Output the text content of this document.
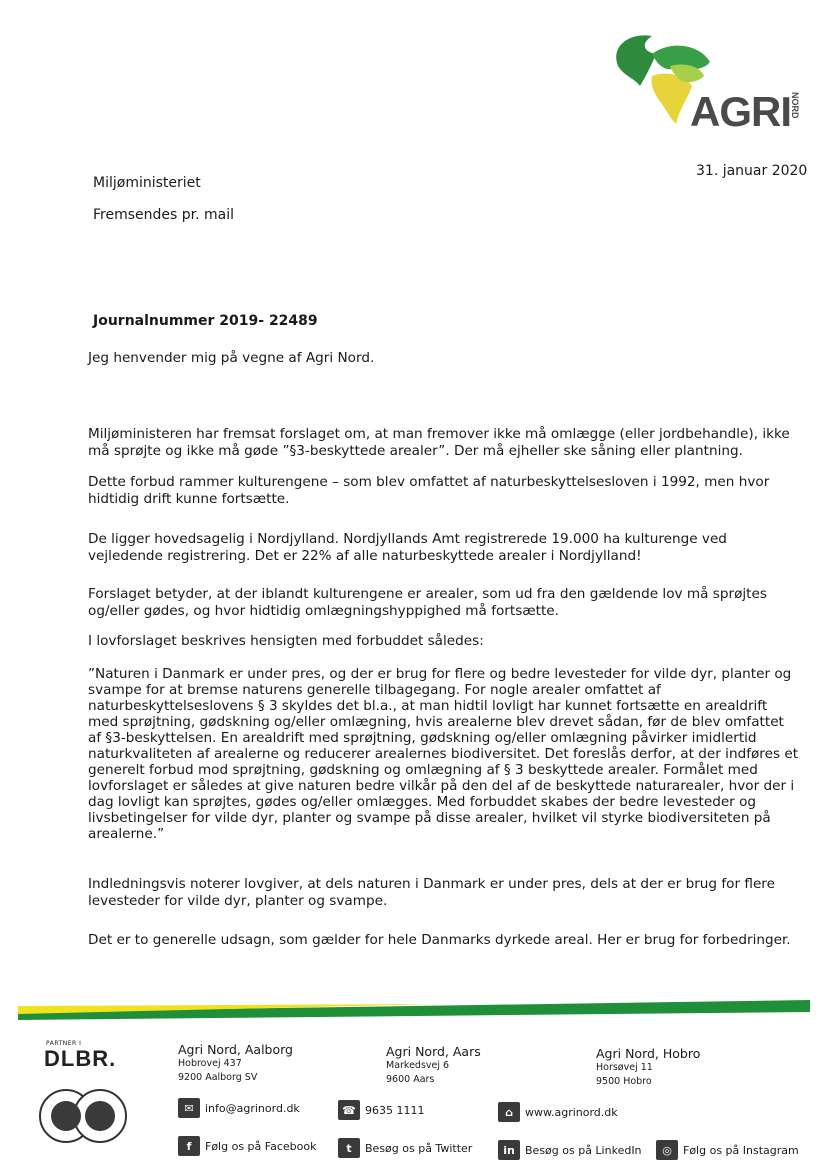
AGRI NORD
31. januar 2020
Miljøministeriet
Fremsendes pr. mail
Journalnummer 2019- 22489

Jeg henvender mig på vegne af Agri Nord.

Miljøministeren har fremsat forslaget om, at man fremover ikke må omlægge (eller jordbehandle), ikke må sprøjte og ikke må gøde ”§3-beskyttede arealer”. Der må ejheller ske såning eller plantning.

Dette forbud rammer kulturengene – som blev omfattet af naturbeskyttelsesloven i 1992, men hvor hidtidig drift kunne fortsætte.

De ligger hovedsagelig i Nordjylland. Nordjyllands Amt registrerede 19.000 ha kulturenge ved vejledende registrering. Det er 22% af alle naturbeskyttede arealer i Nordjylland!

Forslaget betyder, at der iblandt kulturengene er arealer, som ud fra den gældende lov må sprøjtes og/eller gødes, og hvor hidtidig omlægningshyppighed må fortsætte.

I lovforslaget beskrives hensigten med forbuddet således:

”Naturen i Danmark er under pres, og der er brug for flere og bedre levesteder for vilde dyr, planter og svampe for at bremse naturens generelle tilbagegang. For nogle arealer omfattet af naturbeskyttelseslovens § 3 skyldes det bl.a., at man hidtil lovligt har kunnet fortsætte en arealdrift med sprøjtning, gødskning og/eller omlægning, hvis arealerne blev drevet sådan, før de blev omfattet af §3-beskyttelsen. En arealdrift med sprøjtning, gødskning og/eller omlægning påvirker imidlertid naturkvaliteten af arealerne og reducerer arealernes biodiversitet. Det foreslås derfor, at der indføres et generelt forbud mod sprøjtning, gødskning og omlægning af § 3 beskyttede arealer. Formålet med lovforslaget er således at give naturen bedre vilkår på den del af de beskyttede naturarealer, hvor der i dag lovligt kan sprøjtes, gødes og/eller omlægges. Med forbuddet skabes der bedre levesteder og livsbetingelser for vilde dyr, planter og svampe på disse arealer, hvilket vil styrke biodiversiteten på arealerne.”

Indledningsvis noterer lovgiver, at dels naturen i Danmark er under pres, dels at der er brug for flere levesteder for vilde dyr, planter og svampe.

Det er to generelle udsagn, som gælder for hele Danmarks dyrkede areal. Her er brug for forbedringer.

PARTNER I
DLBR.	Agri Nord, Aalborg
Hobrovej 437
9200 Aalborg SV
Agri Nord, Aars
Markedsvej 6
9600 Aars
Agri Nord, Hobro
Horsøvej 11
9500 Hobro
✉	info@agrinord.dk	☎ 9635 1111	⌂	www.agrinord.dk
f	Følg os på Facebook	t	Besøg os på Twitter	in Besøg os på LinkedIn	◎	Følg os på Instagram
